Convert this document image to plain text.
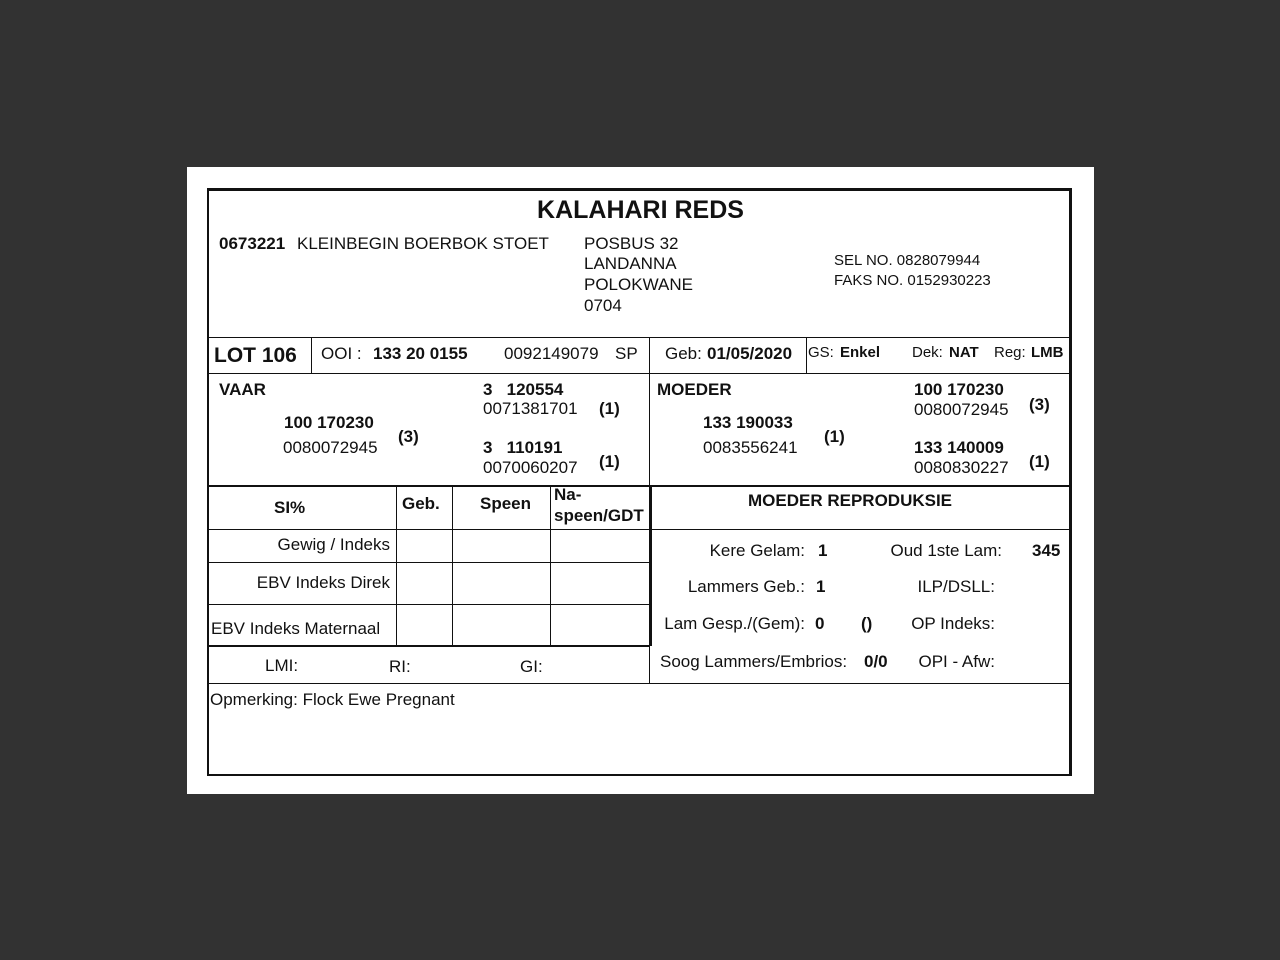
KALAHARI REDS
0673221 KLEINBEGIN BOERBOK STOET POSBUS 32
LANDANNA
POLOKWANE
0704
SEL NO. 0828079944
FAKS NO. 0152930223
LOT 106 OOI : 133 20 0155 0092149079 SP Geb: 01/05/2020 GS: Enkel Dek: NAT Reg: LMB
VAAR
100 170230
0080072945
(3)
3   120554
0071381701 (1)
3   110191
0070060207 (1)
MOEDER
133 190033
0083556241
(1)
100 170230
0080072945 (3)
133 140009
0080830227 (1)
SI%	Geb. Speen Na-
speen/GDT
Gewig / Indeks
EBV Indeks Direk
EBV Indeks Maternaal
LMI:	RI:	GI:
MOEDER REPRODUKSIE
Kere Gelam: 1	Oud 1ste Lam: 345
Lammers Geb.: 1	ILP/DSLL:
Lam Gesp./(Gem): 0 () OP Indeks:
Soog Lammers/Embrios: 0/0 OPI - Afw:
Opmerking: Flock Ewe Pregnant
